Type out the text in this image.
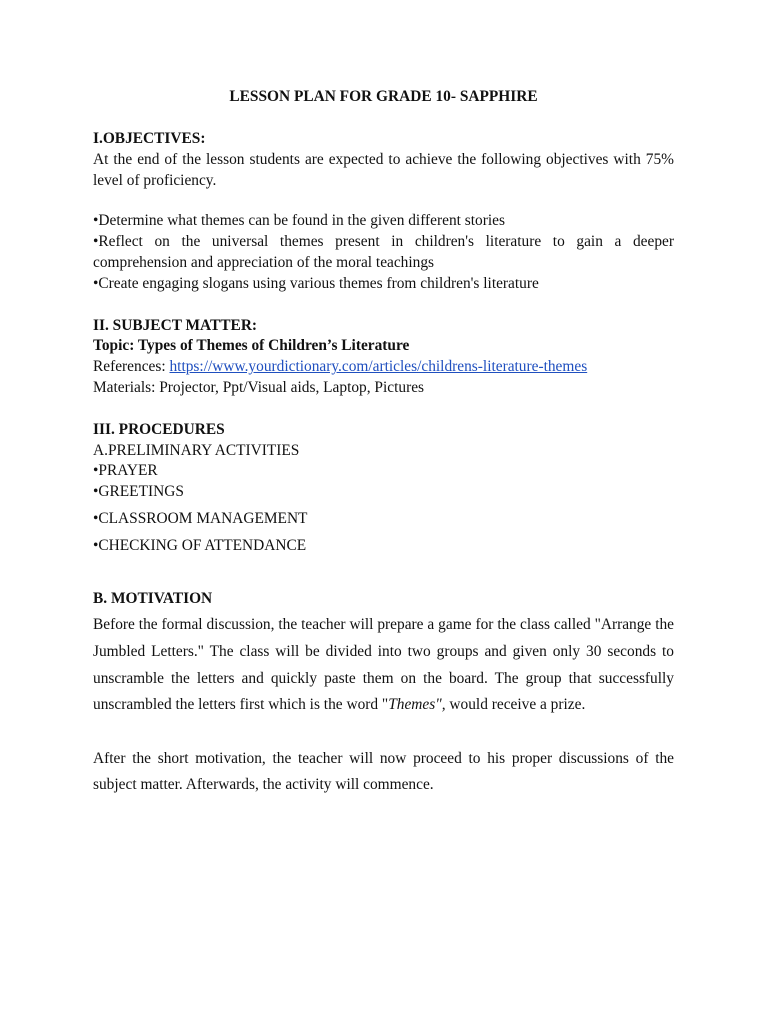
LESSON PLAN FOR GRADE 10- SAPPHIRE

I.OBJECTIVES:

At the end of the lesson students are expected to achieve the following objectives with 75% level of proficiency.

•Determine what themes can be found in the given different stories

•Reflect on the universal themes present in children's literature to gain a deeper comprehension and appreciation of the moral teachings

•Create engaging slogans using various themes from children's literature

II. SUBJECT MATTER:

Topic: Types of Themes of Children’s Literature

References: https://www.yourdictionary.com/articles/childrens-literature-themes

Materials: Projector, Ppt/Visual aids, Laptop, Pictures

III. PROCEDURES

A.PRELIMINARY ACTIVITIES

•PRAYER

•GREETINGS

•CLASSROOM MANAGEMENT

•CHECKING OF ATTENDANCE

B. MOTIVATION

Before the formal discussion, the teacher will prepare a game for the class called "Arrange the Jumbled Letters." The class will be divided into two groups and given only 30 seconds to unscramble the letters and quickly paste them on the board. The group that successfully unscrambled the letters first which is the word "Themes", would receive a prize.

After the short motivation, the teacher will now proceed to his proper discussions of the subject matter. Afterwards, the activity will commence.
